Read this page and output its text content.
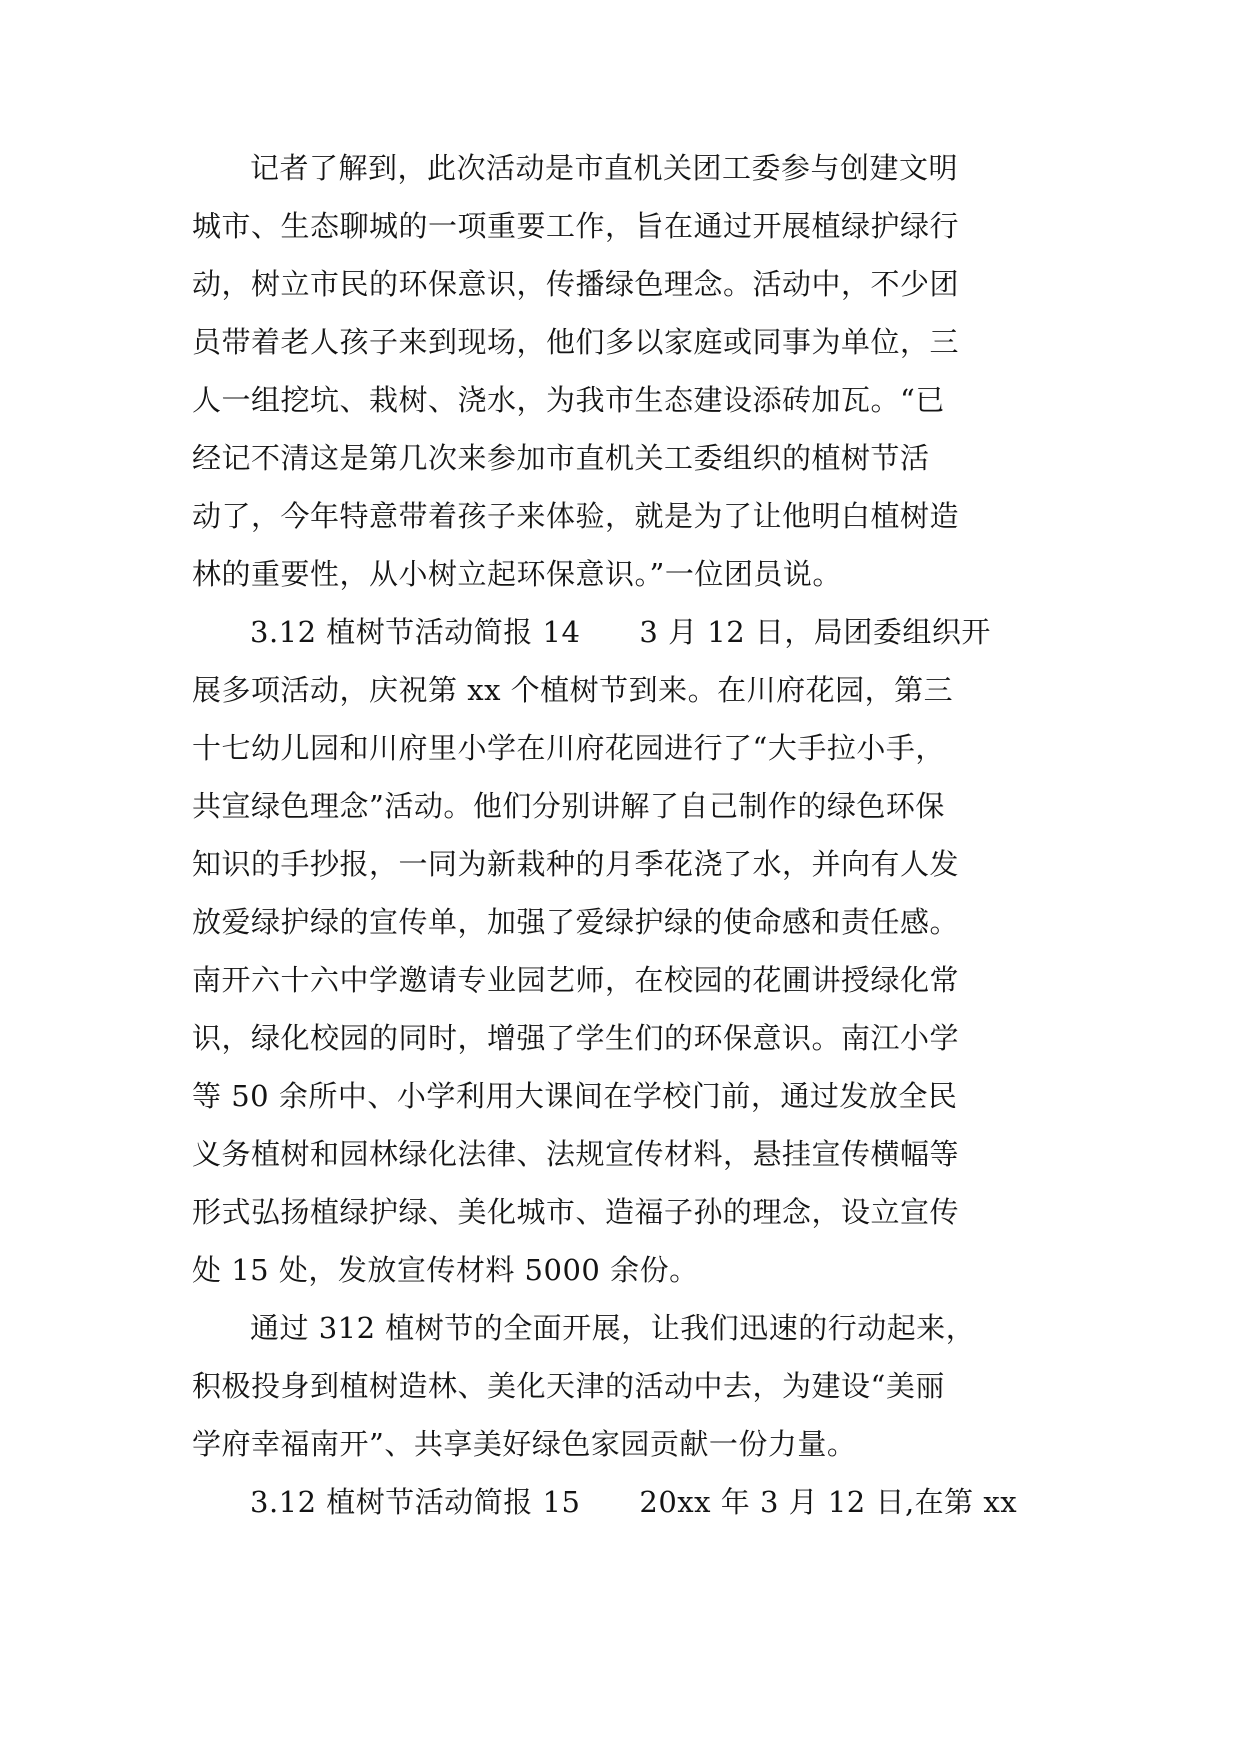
记者了解到，此次活动是市直机关团工委参与创建文明
城市、生态聊城的一项重要工作，旨在通过开展植绿护绿行
动，树立市民的环保意识，传播绿色理念。活动中，不少团
员带着老人孩子来到现场，他们多以家庭或同事为单位，三
人一组挖坑、栽树、浇水，为我市生态建设添砖加瓦。“已
经记不清这是第几次来参加市直机关工委组织的植树节活
动了，今年特意带着孩子来体验，就是为了让他明白植树造
林的重要性，从小树立起环保意识。”一位团员说。
3.12 植树节活动简报 14　　3 月 12 日，局团委组织开
展多项活动，庆祝第 xx 个植树节到来。在川府花园，第三
十七幼儿园和川府里小学在川府花园进行了“大手拉小手，
共宣绿色理念”活动。他们分别讲解了自己制作的绿色环保
知识的手抄报，一同为新栽种的月季花浇了水，并向有人发
放爱绿护绿的宣传单，加强了爱绿护绿的使命感和责任感。
南开六十六中学邀请专业园艺师，在校园的花圃讲授绿化常
识，绿化校园的同时，增强了学生们的环保意识。南江小学
等 50 余所中、小学利用大课间在学校门前，通过发放全民
义务植树和园林绿化法律、法规宣传材料，悬挂宣传横幅等
形式弘扬植绿护绿、美化城市、造福子孙的理念，设立宣传
处 15 处，发放宣传材料 5000 余份。
通过 312 植树节的全面开展，让我们迅速的行动起来，
积极投身到植树造林、美化天津的活动中去，为建设“美丽
学府幸福南开”、共享美好绿色家园贡献一份力量。
3.12 植树节活动简报 15　　20xx 年 3 月 12 日,在第 xx
